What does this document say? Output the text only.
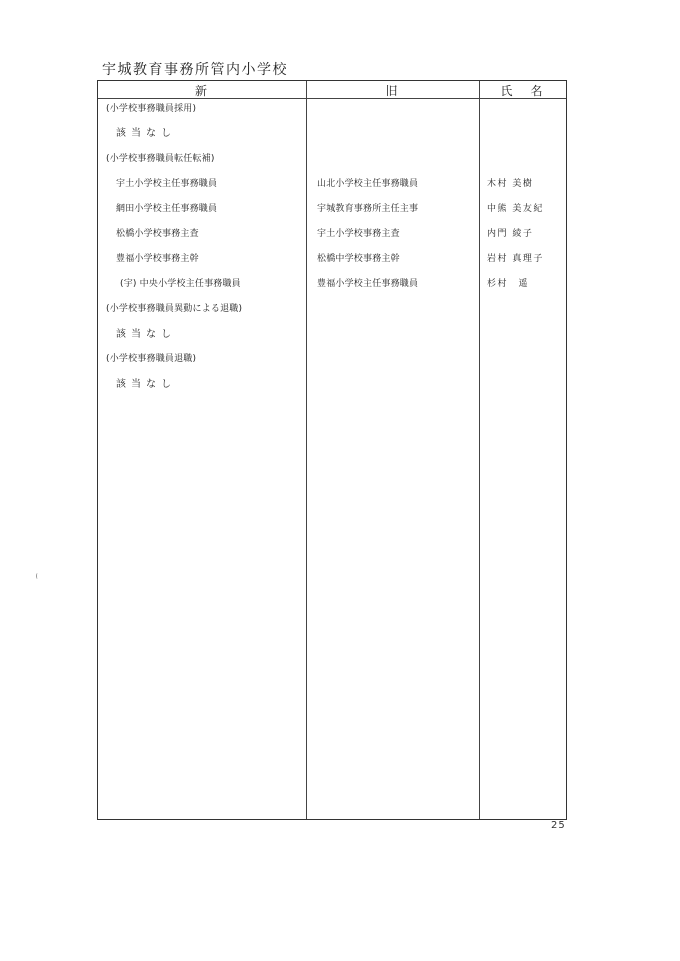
宇城教育事務所管内小学校
新	旧	氏名
(小学校事務職員採用)
該当なし
(小学校事務職員転任転補)
宇土小学校主任事務職員	山北小学校主任事務職員	木村 美樹
網田小学校主任事務職員	宇城教育事務所主任主事	中熊 美友紀
松橋小学校事務主査	宇土小学校事務主査	内門 綾子
豊福小学校事務主幹	松橋中学校事務主幹	岩村 真理子
(宇) 中央小学校主任事務職員	豊福小学校主任事務職員	杉村　遥
(小学校事務職員異動による退職)
該当なし
(小学校事務職員退職)
該当なし
25
